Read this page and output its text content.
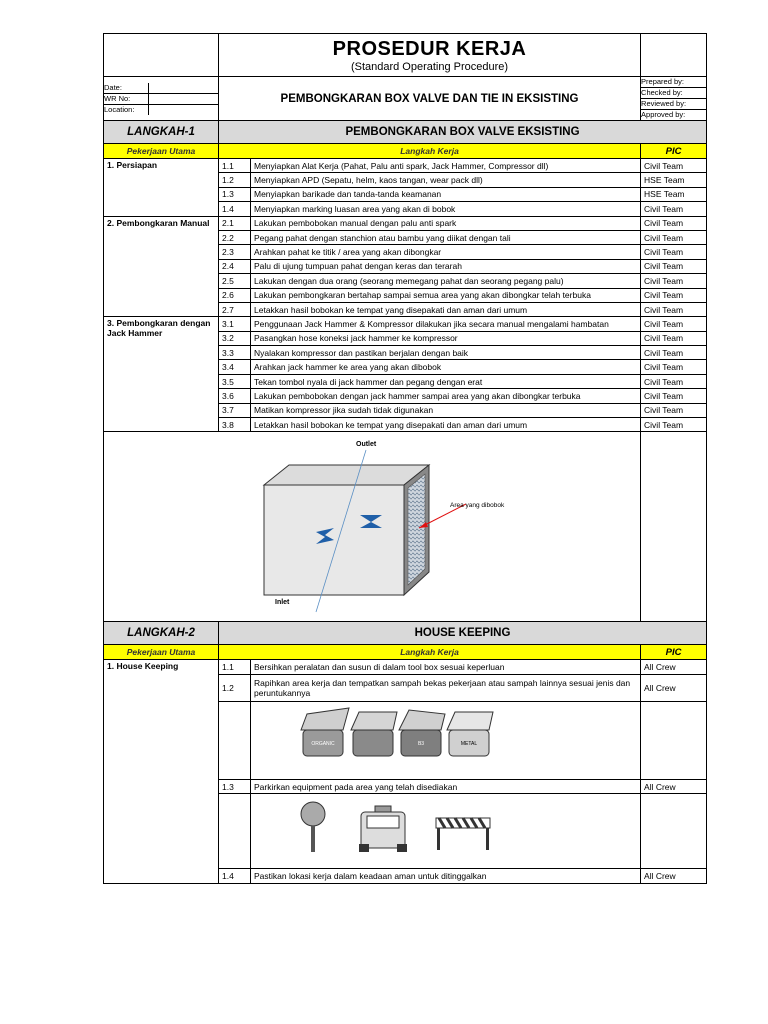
PROSEDUR KERJA
(Standard Operating Procedure)

Date:	
WR No:	
Location:	
	PEMBONGKARAN BOX VALVE DAN TIE IN EKSISTING	
Prepared by:
Checked by:
Reviewed by:
Approved by:

LANGKAH-1	PEMBONGKARAN BOX VALVE EKSISTING
Pekerjaan Utama	Langkah Kerja	PIC
1. Persiapan	1.1	Menyiapkan Alat Kerja (Pahat, Palu anti spark, Jack Hammer, Compressor dll)	Civil Team
1.2	Menyiapkan APD (Sepatu, helm, kaos tangan, wear pack dll)	HSE Team
1.3	Menyiapkan barikade dan tanda-tanda keamanan	HSE Team
1.4	Menyiapkan marking luasan area yang akan di bobok	Civil Team
2. Pembongkaran Manual	2.1	Lakukan pembobokan manual dengan palu anti spark	Civil Team
2.2	Pegang pahat dengan stanchion atau bambu yang diikat dengan tali	Civil Team
2.3	Arahkan pahat ke titik / area yang akan dibongkar	Civil Team
2.4	Palu di ujung tumpuan pahat dengan keras dan terarah	Civil Team
2.5	Lakukan dengan dua orang (seorang memegang pahat dan seorang pegang palu)	Civil Team
2.6	Lakukan pembongkaran bertahap sampai semua area yang akan dibongkar telah terbuka	Civil Team
2.7	Letakkan hasil bobokan ke tempat yang disepakati dan aman dari umum	Civil Team
3. Pembongkaran dengan Jack Hammer	3.1	Penggunaan Jack Hammer & Kompressor dilakukan jika secara manual mengalami hambatan	Civil Team
3.2	Pasangkan hose koneksi jack hammer ke kompressor	Civil Team
3.3	Nyalakan kompressor dan pastikan berjalan dengan baik	Civil Team
3.4	Arahkan jack hammer ke area yang akan dibobok	Civil Team
3.5	Tekan tombol nyala di jack hammer dan pegang dengan erat	Civil Team
3.6	Lakukan pembobokan dengan jack hammer sampai area yang akan dibongkar terbuka	Civil Team
3.7	Matikan kompressor jika sudah tidak digunakan	Civil Team
3.8	Letakkan hasil bobokan ke tempat yang disepakati dan aman dari umum	Civil Team

Outlet
Inlet
Area yang dibobok

LANGKAH-2	HOUSE KEEPING
Pekerjaan Utama	Langkah Kerja	PIC
1. House Keeping	1.1	Bersihkan peralatan dan susun di dalam tool box sesuai keperluan	All Crew
1.2	Rapihkan area kerja dan tempatkan sampah bekas pekerjaan atau sampah lainnya sesuai jenis dan peruntukannya	All Crew

ORGANIC	B3	METAL

1.3	Parkirkan equipment pada area yang telah disediakan	All Crew

1.4	Pastikan lokasi kerja dalam keadaan aman untuk ditinggalkan	All Crew
